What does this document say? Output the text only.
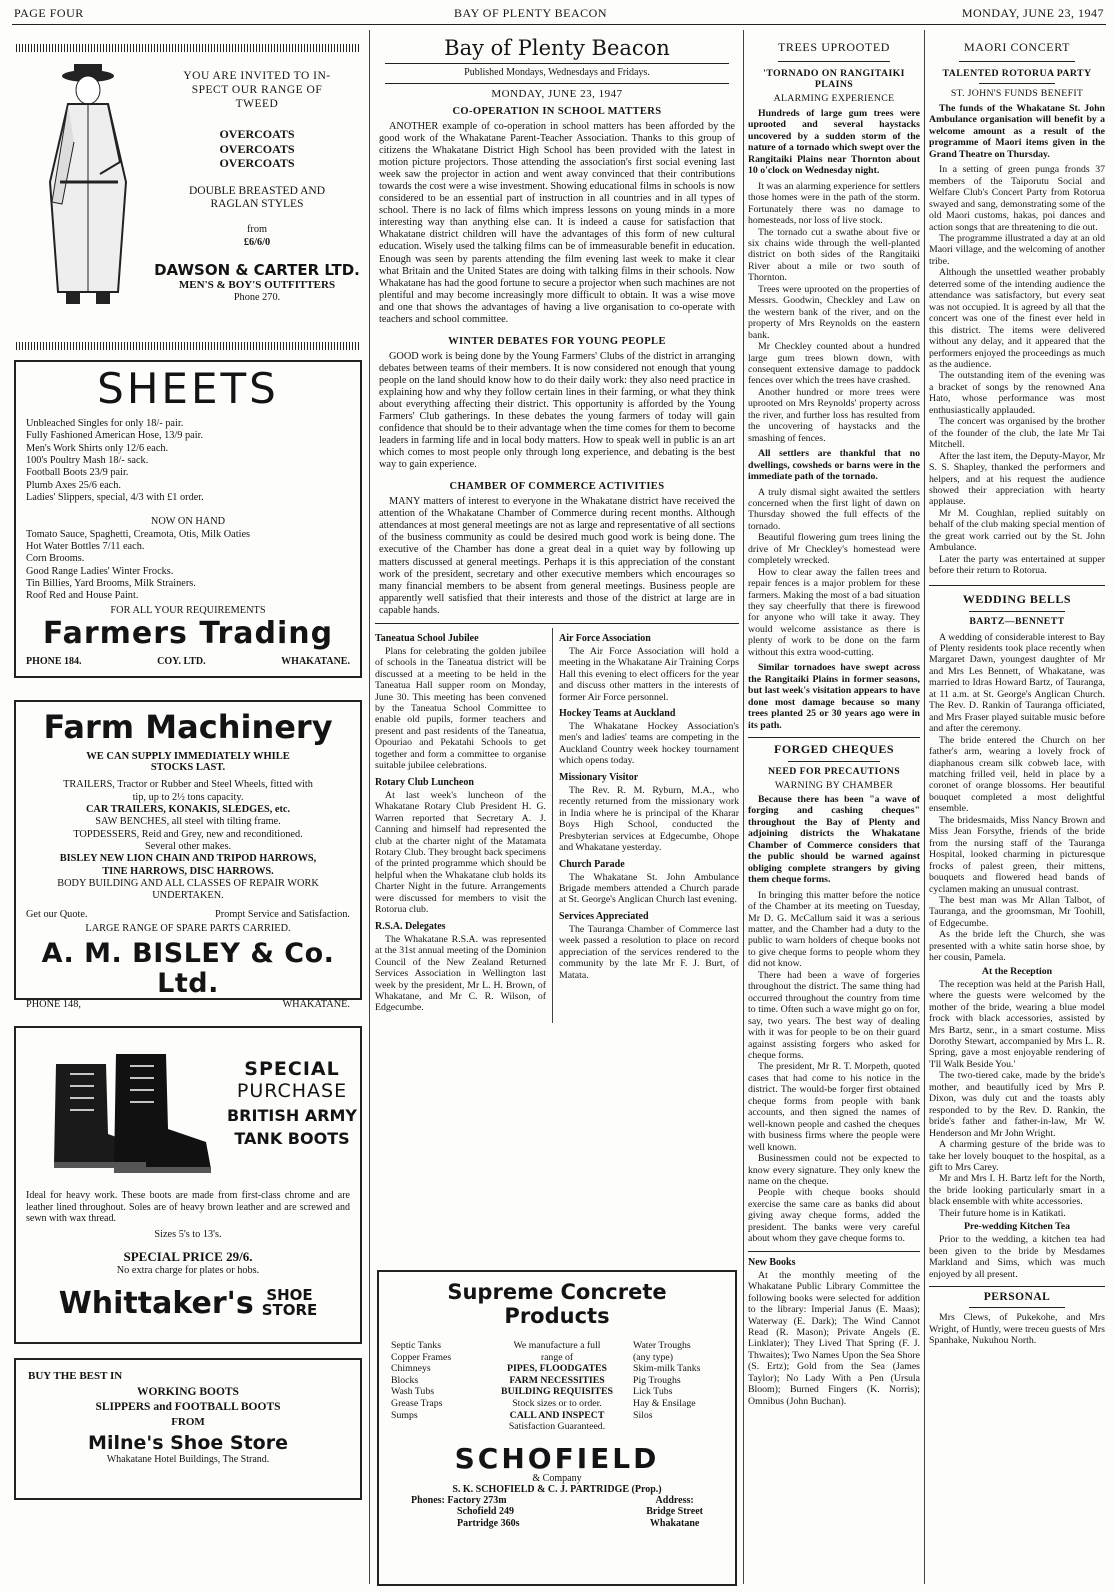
PAGE FOUR	BAY OF PLENTY BEACON	MONDAY, JUNE 23, 1947
YOU ARE INVITED TO IN-
SPECT OUR RANGE OF
TWEED
OVERCOATS
OVERCOATS
OVERCOATS
DOUBLE BREASTED AND
RAGLAN STYLES
from
£6/6/0
DAWSON & CARTER LTD.
MEN'S & BOY'S OUTFITTERS
Phone 270.
SHEETS
Unbleached Singles for only 18/- pair.
Fully Fashioned American Hose, 13/9 pair.
Men's Work Shirts only 12/6 each.
100's Poultry Mash 18/- sack.
Football Boots 23/9 pair.
Plumb Axes 25/6 each.
Ladies' Slippers, special, 4/3 with £1 order.
NOW ON HAND
Tomato Sauce, Spaghetti, Creamota, Otis, Milk Oaties
Hot Water Bottles 7/11 each.
Corn Brooms.
Good Range Ladies' Winter Frocks.
Tin Billies, Yard Brooms, Milk Strainers.
Roof Red and House Paint.
FOR ALL YOUR REQUIREMENTS
Farmers Trading
PHONE 184.	COY. LTD.	WHAKATANE.
Farm Machinery
WE CAN SUPPLY IMMEDIATELY WHILE
STOCKS LAST.
TRAILERS, Tractor or Rubber and Steel Wheels, fitted with
tip, up to 2½ tons capacity.
CAR TRAILERS, KONAKIS, SLEDGES, etc.
SAW BENCHES, all steel with tilting frame.
TOPDESSERS, Reid and Grey, new and reconditioned.
Several other makes.
BISLEY NEW LION CHAIN AND TRIPOD HARROWS,
TINE HARROWS, DISC HARROWS.
BODY BUILDING AND ALL CLASSES OF REPAIR WORK
UNDERTAKEN.
Get our Quote.	Prompt Service and Satisfaction.
LARGE RANGE OF SPARE PARTS CARRIED.
A. M. BISLEY & Co. Ltd.
PHONE 148,	WHAKATANE.
SPECIAL
PURCHASE
BRITISH ARMY
TANK BOOTS

Ideal for heavy work. These boots are made from first-class chrome and are leather lined throughout. Soles are of heavy brown leather and are screwed and sewn with wax thread.

Sizes 5's to 13's.
SPECIAL PRICE 29/6.
No extra charge for plates or hobs.
Whittaker's SHOE
STORE
BUY THE BEST IN
WORKING BOOTS
SLIPPERS and FOOTBALL BOOTS
FROM
Milne's Shoe Store
Whakatane Hotel Buildings, The Strand.
Bay of Plenty Beacon
Published Mondays, Wednesdays and Fridays.
MONDAY, JUNE 23, 1947
CO-OPERATION IN SCHOOL MATTERS

ANOTHER example of co-operation in school matters has been afforded by the good work of the Whakatane Parent-Teacher Association. Thanks to this group of citizens the Whakatane District High School has been provided with the latest in motion picture projectors. Those attending the association's first social evening last week saw the projector in action and went away convinced that their contributions towards the cost were a wise investment. Showing educational films in schools is now considered to be an essential part of instruction in all countries and in all types of school. There is no lack of films which impress lessons on young minds in a more interesting way than anything else can. It is indeed a cause for satisfaction that Whakatane district children will have the advantages of this form of new cultural education. Wisely used the talking films can be of immeasurable benefit in education. Enough was seen by parents attending the film evening last week to make it clear what Britain and the United States are doing with talking films in their schools. Now Whakatane has had the good fortune to secure a projector when such machines are not plentiful and may become increasingly more difficult to obtain. It was a wise move and one that shows the advantages of having a live organisation to co-operate with teachers and school committee.

WINTER DEBATES FOR YOUNG PEOPLE

GOOD work is being done by the Young Farmers' Clubs of the district in arranging debates between teams of their members. It is now considered not enough that young people on the land should know how to do their daily work: they also need practice in explaining how and why they follow certain lines in their farming, or what they think about everything affecting their district. This opportunity is afforded by the Young Farmers' Club gatherings. In these debates the young farmers of today will gain confidence that should be to their advantage when the time comes for them to become leaders in farming life and in local body matters. How to speak well in public is an art which comes to most people only through long experience, and debating is the best way to gain experience.

CHAMBER OF COMMERCE ACTIVITIES

MANY matters of interest to everyone in the Whakatane district have received the attention of the Whakatane Chamber of Commerce during recent months. Although attendances at most general meetings are not as large and representative of all sections of the business community as could be desired much good work is being done. The executive of the Chamber has done a great deal in a quiet way by following up matters discussed at general meetings. Perhaps it is this appreciation of the constant work of the president, secretary and other executive members which encourages so many financial members to be absent from general meetings. Business people are apparently well satisfied that their interests and those of the district at large are in capable hands.

Taneatua School Jubilee

Plans for celebrating the golden jubilee of schools in the Taneatua district will be discussed at a meeting to be held in the Taneatua Hall supper room on Monday, June 30. This meeting has been convened by the Taneatua School Committee to enable old pupils, former teachers and present and past residents of the Taneatua, Opouriao and Pekatahi Schools to get together and form a committee to organise suitable jubilee celebrations.

Rotary Club Luncheon

At last week's luncheon of the Whakatane Rotary Club President H. G. Warren reported that Secretary A. J. Canning and himself had represented the club at the charter night of the Matamata Rotary Club. They brought back specimens of the printed programme which should be helpful when the Whakatane club holds its Charter Night in the future. Arrangements were discussed for members to visit the Rotorua club.

R.S.A. Delegates

The Whakatane R.S.A. was represented at the 31st annual meeting of the Dominion Council of the New Zealand Returned Services Association in Wellington last week by the president, Mr L. H. Brown, of Whakatane, and Mr C. R. Wilson, of Edgecumbe.

Air Force Association

The Air Force Association will hold a meeting in the Whakatane Air Training Corps Hall this evening to elect officers for the year and discuss other matters in the interests of former Air Force personnel.

Hockey Teams at Auckland

The Whakatane Hockey Association's men's and ladies' teams are competing in the Auckland Country week hockey tournament which opens today.

Missionary Visitor

The Rev. R. M. Ryburn, M.A., who recently returned from the missionary work in India where he is principal of the Kharar Boys High School, conducted the Presbyterian services at Edgecumbe, Ohope and Whakatane yesterday.

Church Parade

The Whakatane St. John Ambulance Brigade members attended a Church parade at St. George's Anglican Church last evening.

Services Appreciated

The Tauranga Chamber of Commerce last week passed a resolution to place on record appreciation of the services rendered to the community by the late Mr F. J. Burt, of Matata.

Supreme Concrete
Products
Septic Tanks
Copper Frames
Chimneys
Blocks
Wash Tubs
Grease Traps
Sumps
We manufacture a full
range of
PIPES, FLOODGATES
FARM NECESSITIES
BUILDING REQUISITES
Stock sizes or to order.
CALL AND INSPECT
Satisfaction Guaranteed.
Water Troughs
(any type)
Skim-milk Tanks
Pig Troughs
Lick Tubs
Hay & Ensilage
Silos
SCHOFIELD
& Company
S. K. SCHOFIELD & C. J. PARTRIDGE (Prop.)
Phones: Factory 273m
Schofield 249
Partridge 360s
Address:
Bridge Street
Whakatane
TREES UPROOTED
'TORNADO ON RANGITAIKI PLAINS
ALARMING EXPERIENCE

Hundreds of large gum trees were uprooted and several haystacks uncovered by a sudden storm of the nature of a tornado which swept over the Rangitaiki Plains near Thornton about 10 o'clock on Wednesday night.

It was an alarming experience for settlers those homes were in the path of the storm. Fortunately there was no damage to homesteads, nor loss of live stock.

The tornado cut a swathe about five or six chains wide through the well-planted district on both sides of the Rangitaiki River about a mile or two south of Thornton.

Trees were uprooted on the properties of Messrs. Goodwin, Checkley and Law on the western bank of the river, and on the property of Mrs Reynolds on the eastern bank.

Mr Checkley counted about a hundred large gum trees blown down, with consequent extensive damage to paddock fences over which the trees have crashed.

Another hundred or more trees were uprooted on Mrs Reynolds' property across the river, and further loss has resulted from the uncovering of haystacks and the smashing of fences.

All settlers are thankful that no dwellings, cowsheds or barns were in the immediate path of the tornado.

A truly dismal sight awaited the settlers concerned when the first light of dawn on Thursday showed the full effects of the tornado.

Beautiful flowering gum trees lining the drive of Mr Checkley's homestead were completely wrecked.

How to clear away the fallen trees and repair fences is a major problem for these farmers. Making the most of a bad situation they say cheerfully that there is firewood for anyone who will take it away. They would welcome assistance as there is plenty of work to be done on the farm without this extra wood-cutting.

Similar tornadoes have swept across the Rangitaiki Plains in former seasons, but last week's visitation appears to have done most damage because so many trees planted 25 or 30 years ago were in its path.

FORGED CHEQUES
NEED FOR PRECAUTIONS
WARNING BY CHAMBER

Because there has been "a wave of forging and cashing cheques" throughout the Bay of Plenty and adjoining districts the Whakatane Chamber of Commerce considers that the public should be warned against obliging complete strangers by giving them cheque forms.

In bringing this matter before the notice of the Chamber at its meeting on Tuesday, Mr D. G. McCallum said it was a serious matter, and the Chamber had a duty to the public to warn holders of cheque books not to give cheque forms to people whom they did not know.

There had been a wave of forgeries throughout the district. The same thing had occurred throughout the country from time to time. Often such a wave might go on for, say, two years. The best way of dealing with it was for people to be on their guard against assisting forgers who asked for cheque forms.

The president, Mr R. T. Morpeth, quoted cases that had come to his notice in the district. The would-be forger first obtained cheque forms from people with bank accounts, and then signed the names of well-known people and cashed the cheques with business firms where the people were well known.

Businessmen could not be expected to know every signature. They only knew the name on the cheque.

People with cheque books should exercise the same care as banks did about giving away cheque forms, added the president. The banks were very careful about whom they gave cheque forms to.

New Books

At the monthly meeting of the Whakatane Public Library Committee the following books were selected for addition to the library: Imperial Janus (E. Maas); Waterway (E. Dark); The Wind Cannot Read (R. Mason); Private Angels (E. Linklater); They Lived That Spring (F. J. Thwaites); Two Names Upon the Sea Shore (S. Ertz); Gold from the Sea (James Taylor); No Lady With a Pen (Ursula Bloom); Burned Fingers (K. Norris); Omnibus (John Buchan).

MAORI CONCERT
TALENTED ROTORUA PARTY
ST. JOHN'S FUNDS BENEFIT

The funds of the Whakatane St. John Ambulance organisation will benefit by a welcome amount as a result of the programme of Maori items given in the Grand Theatre on Thursday.

In a setting of green punga fronds 37 members of the Taiporutu Social and Welfare Club's Concert Party from Rotorua swayed and sang, demonstrating some of the old Maori customs, hakas, poi dances and action songs that are threatening to die out.

The programme illustrated a day at an old Maori village, and the welcoming of another tribe.

Although the unsettled weather probably deterred some of the intending audience the attendance was satisfactory, but every seat was not occupied. It is agreed by all that the concert was one of the finest ever held in this district. The items were delivered without any delay, and it appeared that the performers enjoyed the proceedings as much as the audience.

The outstanding item of the evening was a bracket of songs by the renowned Ana Hato, whose performance was most enthusiastically applauded.

The concert was organised by the brother of the founder of the club, the late Mr Tai Mitchell.

After the last item, the Deputy-Mayor, Mr S. S. Shapley, thanked the performers and helpers, and at his request the audience showed their appreciation with hearty applause.

Mr M. Coughlan, replied suitably on behalf of the club making special mention of the great work carried out by the St. John Ambulance.

Later the party was entertained at supper before their return to Rotorua.

WEDDING BELLS
BARTZ—BENNETT

A wedding of considerable interest to Bay of Plenty residents took place recently when Margaret Dawn, youngest daughter of Mr and Mrs Les Bennett, of Whakatane, was married to Idras Howard Bartz, of Tauranga, at 11 a.m. at St. George's Anglican Church. The Rev. D. Rankin of Tauranga officiated, and Mrs Fraser played suitable music before and after the ceremony.

The bride entered the Church on her father's arm, wearing a lovely frock of diaphanous cream silk cobweb lace, with matching frilled veil, held in place by a coronet of orange blossoms. Her beautiful bouquet completed a most delightful ensemble.

The bridesmaids, Miss Nancy Brown and Miss Jean Forsythe, friends of the bride from the nursing staff of the Tauranga Hospital, looked charming in picturesque frocks of palest green, their mittens, bouquets and flowered head bands of cyclamen making an unusual contrast.

The best man was Mr Allan Talbot, of Tauranga, and the groomsman, Mr Toohill, of Edgecumbe.

As the bride left the Church, she was presented with a white satin horse shoe, by her cousin, Pamela.

At the Reception

The reception was held at the Parish Hall, where the guests were welcomed by the mother of the bride, wearing a blue model frock with black accessories, assisted by Mrs Bartz, senr., in a smart costume. Miss Dorothy Stewart, accompanied by Mrs L. R. Spring, gave a most enjoyable rendering of 'I'll Walk Beside You.'

The two-tiered cake, made by the bride's mother, and beautifully iced by Mrs P. Dixon, was duly cut and the toasts ably responded to by the Rev. D. Rankin, the bride's father and father-in-law, Mr W. Henderson and Mr John Wright.

A charming gesture of the bride was to take her lovely bouquet to the hospital, as a gift to Mrs Carey.

Mr and Mrs I. H. Bartz left for the North, the bride looking particularly smart in a black ensemble with white accessories.

Their future home is in Katikati.

Pre-wedding Kitchen Tea

Prior to the wedding, a kitchen tea had been given to the bride by Mesdames Markland and Sims, which was much enjoyed by all present.

PERSONAL

Mrs Clews, of Pukekohe, and Mrs Wright, of Huntly, were treceu guests of Mrs Spanhake, Nukuhou North.
